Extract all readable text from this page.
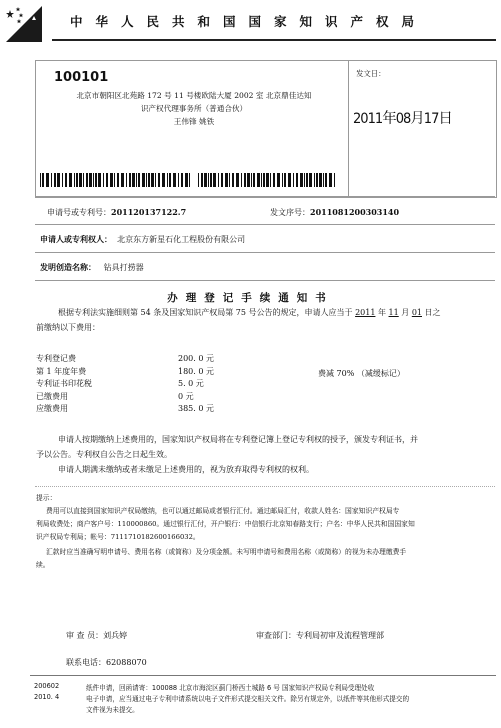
中华人民共和国国家知识产权局
100101
北京市朝阳区北苑路 172 号 11 号楼欧陆大厦 2002 室 北京鼎佳达知
识产权代理事务所（普通合伙）
王伟锋 姚铁
发文日：
2011年08月17日
申请号或专利号：201120137122.7	发文序号：2011081200303140
申请人或专利权人： 北京东方新星石化工程股份有限公司
发明创造名称： 钻具打捞器
办理登记手续通知书
根据专利法实施细则第 54 条及国家知识产权局第 75 号公告的规定，申请人应当于 2011 年 11 月 01 日之
前缴纳以下费用：
专利登记费	200. 0 元
第 1 年度年费	180. 0 元
专利证书印花税	5. 0 元
已缴费用	0 元
应缴费用	385. 0 元
费减 70% （减缓标记）
申请人按期缴纳上述费用的，国家知识产权局将在专利登记簿上登记专利权的授予，颁发专利证书，并
予以公告。专利权自公告之日起生效。
申请人期满未缴纳或者未缴足上述费用的，视为放弃取得专利权的权利。
提示：
费用可以直接到国家知识产权局缴纳，也可以通过邮局或者银行汇付。通过邮局汇付，收款人姓名：国家知识产权局专
利局收费处；商户客户号：110000860。通过银行汇付，开户银行：中信银行北京知春路支行；户名：中华人民共和国国家知
识产权局专利局；帐号：7111710182600166032。
汇款时应当准确写明申请号、费用名称（或简称）及分项金额。未写明申请号和费用名称（或简称）的视为未办理缴费手
续。
审 查 员：刘兵婷	审查部门：专利局初审及流程管理部
联系电话：62088070
200602
2010. 4
纸件申请，回函请寄：100088 北京市海淀区蓟门桥西土城路 6 号 国家知识产权局专利局受理处收
电子申请，应当通过电子专利申请系统以电子文件形式提交相关文件。除另有规定外，以纸件等其他形式提交的
文件视为未提交。
